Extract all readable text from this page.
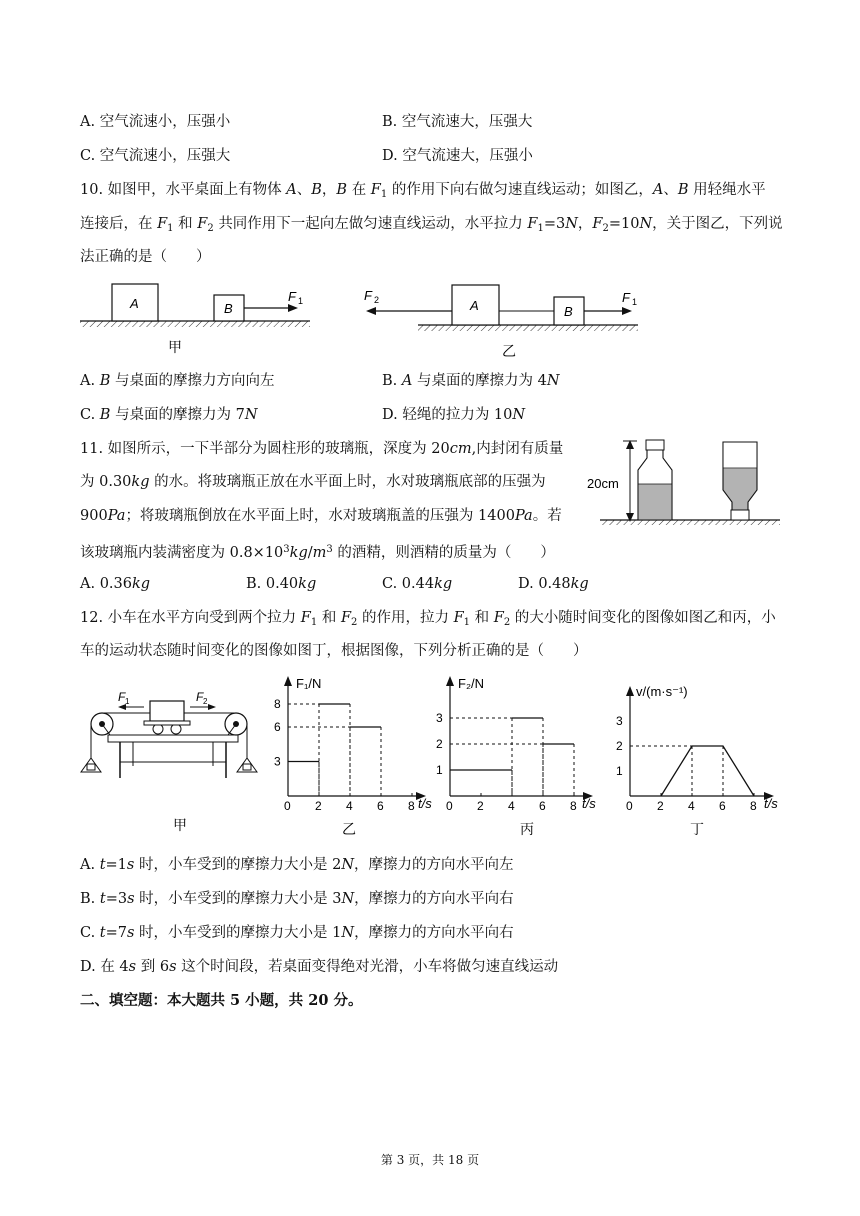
A. 空气流速小，压强小	B. 空气流速大，压强大
C. 空气流速小，压强大	D. 空气流速大，压强小
10. 如图甲，水平桌面上有物体 A、B，B 在 $F_1$ 的作用下向右做匀速直线运动；如图乙，A、B 用轻绳水平
连接后，在 $F_1$ 和 $F_2$ 共同作用下一起向左做匀速直线运动，水平拉力 $F_1=3N$，$F_2=10N$，关于图乙，下列说
法正确的是（　　）
A	B
F 1
甲
A	B
F 2	F 1
乙
A. B 与桌面的摩擦力方向向左	B. A 与桌面的摩擦力为 4N
C. B 与桌面的摩擦力为 7N	D. 轻绳的拉力为 10N
11. 如图所示，一下半部分为圆柱形的玻璃瓶，深度为 20cm,内封闭有质量
为 0.30kg 的水。将玻璃瓶正放在水平面上时，水对玻璃瓶底部的压强为
900Pa；将玻璃瓶倒放在水平面上时，水对玻璃瓶盖的压强为 1400Pa。若
该玻璃瓶内装满密度为 $0.8\times 10^3kg/m^3$ 的酒精，则酒精的质量为（　　）
20cm
A. 0.36kg	B. 0.40kg	C. 0.44kg	D. 0.48kg
12. 小车在水平方向受到两个拉力 $F_1$ 和 $F_2$ 的作用，拉力 $F_1$ 和 $F_2$ 的大小随时间变化的图像如图乙和丙，小
车的运动状态随时间变化的图像如图丁，根据图像，下列分析正确的是（　　）
F 1	F 2
甲
F₁/N
t/s
0 2 4 6 8
3
6
8
乙
F₂/N
t/s
0 2 4 6 8
1
2
3
丙
v/(m·s⁻¹)
t/s
0 2 4 6 8
1
2
3
丁
A. t=1s 时，小车受到的摩擦力大小是 2N，摩擦力的方向水平向左
B. t=3s 时，小车受到的摩擦力大小是 3N，摩擦力的方向水平向右
C. t=7s 时，小车受到的摩擦力大小是 1N，摩擦力的方向水平向右
D. 在 4s 到 6s 这个时间段，若桌面变得绝对光滑，小车将做匀速直线运动
二、填空题：本大题共 5 小题，共 20 分。
第 3 页，共 18 页
